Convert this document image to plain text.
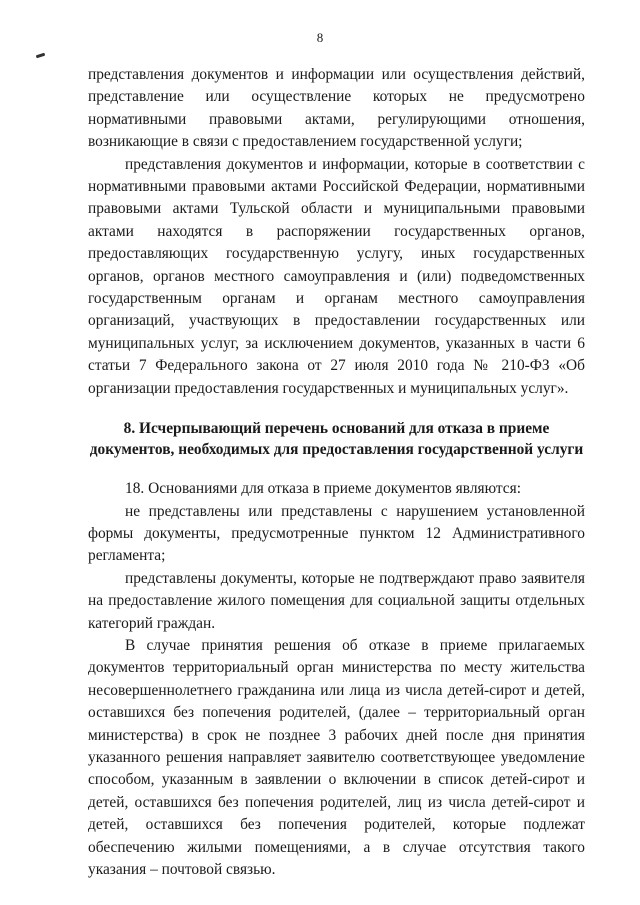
8

представления документов и информации или осуществления действий, представление или осуществление которых не предусмотрено нормативными правовыми актами, регулирующими отношения, возникающие в связи с предоставлением государственной услуги;

представления документов и информации, которые в соответствии с нормативными правовыми актами Российской Федерации, нормативными правовыми актами Тульской области и муниципальными правовыми актами находятся в распоряжении государственных органов, предоставляющих государственную услугу, иных государственных органов, органов местного самоуправления и (или) подведомственных государственным органам и органам местного самоуправления организаций, участвующих в предоставлении государственных или муниципальных услуг, за исключением документов, указанных в части 6 статьи 7 Федерального закона от 27 июля 2010 года № 210-ФЗ «Об организации предоставления государственных и муниципальных услуг».

8. Исчерпывающий перечень оснований для отказа в приеме
документов, необходимых для предоставления государственной услуги

18. Основаниями для отказа в приеме документов являются:

не представлены или представлены с нарушением установленной формы документы, предусмотренные пунктом 12 Административного регламента;

представлены документы, которые не подтверждают право заявителя на предоставление жилого помещения для социальной защиты отдельных категорий граждан.

В случае принятия решения об отказе в приеме прилагаемых документов территориальный орган министерства по месту жительства несовершеннолетнего гражданина или лица из числа детей-сирот и детей, оставшихся без попечения родителей, (далее – территориальный орган министерства) в срок не позднее 3 рабочих дней после дня принятия указанного решения направляет заявителю соответствующее уведомление способом, указанным в заявлении о включении в список детей-сирот и детей, оставшихся без попечения родителей, лиц из числа детей-сирот и детей, оставшихся без попечения родителей, которые подлежат обеспечению жилыми помещениями, а в случае отсутствия такого указания – почтовой связью.
